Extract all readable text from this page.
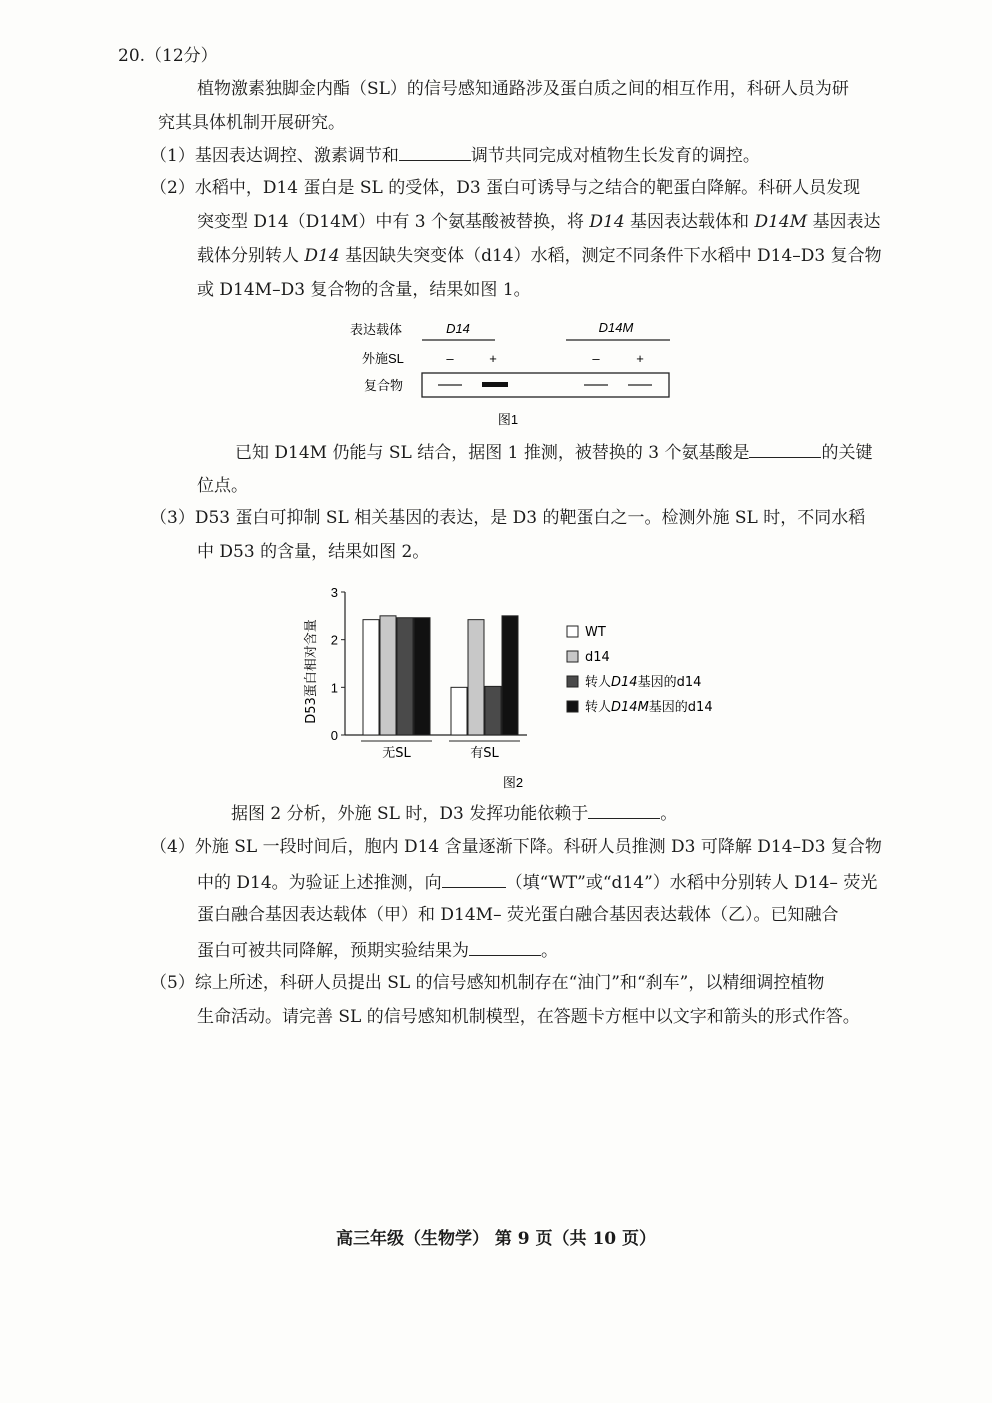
20.（12分）
植物激素独脚金内酯（SL）的信号感知通路涉及蛋白质之间的相互作用，科研人员为研
究其具体机制开展研究。
（1）基因表达调控、激素调节和	调节共同完成对植物生长发育的调控。
（2）水稻中，D14 蛋白是 SL 的受体，D3 蛋白可诱导与之结合的靶蛋白降解。科研人员发现
突变型 D14（D14M）中有 3 个氨基酸被替换，将 D14 基因表达载体和 D14M 基因表达
载体分别转人 D14 基因缺失突变体（d14）水稻，测定不同条件下水稻中 D14–D3 复合物
或 D14M–D3 复合物的含量，结果如图 1。
表达载体	D14	D14M
外施SL	–	+	–	+
复合物
图1
已知 D14M 仍能与 SL 结合，据图 1 推测，被替换的 3 个氨基酸是	的关键
位点。
（3）D53 蛋白可抑制 SL 相关基因的表达，是 D3 的靶蛋白之一。检测外施 SL 时，不同水稻
中 D53 的含量，结果如图 2。
0
1
2
3
D53蛋白相对含量
图2
无SL	有SL
WT
d14
转人D14基因的d14
转人D14M基因的d14
据图 2 分析，外施 SL 时，D3 发挥功能依赖于	。
（4）外施 SL 一段时间后，胞内 D14 含量逐渐下降。科研人员推测 D3 可降解 D14–D3 复合物
中的 D14。为验证上述推测，向	（填“WT”或“d14”）水稻中分别转人 D14– 荧光
蛋白融合基因表达载体（甲）和 D14M– 荧光蛋白融合基因表达载体（乙）。已知融合
蛋白可被共同降解，预期实验结果为	。
（5）综上所述，科研人员提出 SL 的信号感知机制存在“油门”和“刹车”，以精细调控植物
生命活动。请完善 SL 的信号感知机制模型，在答题卡方框中以文字和箭头的形式作答。
高三年级（生物学） 第 9 页（共 10 页）
